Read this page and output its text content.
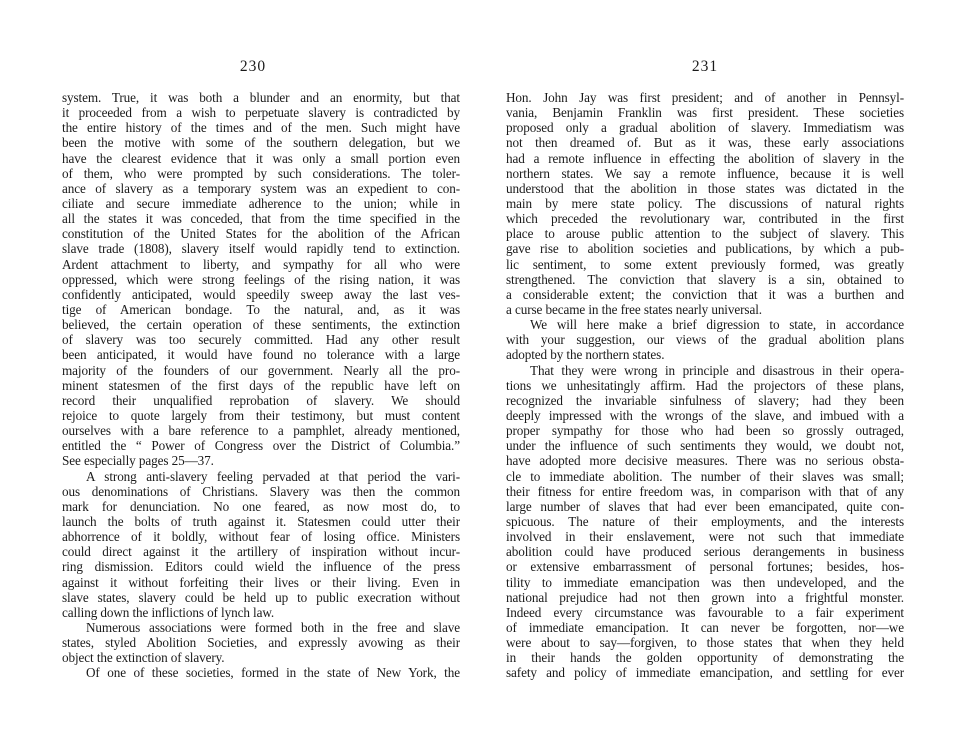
230
system. True, it was both a blunder and an enormity, but that
it proceeded from a wish to perpetuate slavery is contradicted by
the entire history of the times and of the men. Such might have
been the motive with some of the southern delegation, but we
have the clearest evidence that it was only a small portion even
of them, who were prompted by such considerations. The toler-
ance of slavery as a temporary system was an expedient to con-
ciliate and secure immediate adherence to the union; while in
all the states it was conceded, that from the time specified in the
constitution of the United States for the abolition of the African
slave trade (1808), slavery itself would rapidly tend to extinction.
Ardent attachment to liberty, and sympathy for all who were
oppressed, which were strong feelings of the rising nation, it was
confidently anticipated, would speedily sweep away the last ves-
tige of American bondage. To the natural, and, as it was
believed, the certain operation of these sentiments, the extinction
of slavery was too securely committed. Had any other result
been anticipated, it would have found no tolerance with a large
majority of the founders of our government. Nearly all the pro-
minent statesmen of the first days of the republic have left on
record their unqualified reprobation of slavery. We should
rejoice to quote largely from their testimony, but must content
ourselves with a bare reference to a pamphlet, already mentioned,
entitled the “ Power of Congress over the District of Columbia.”
See especially pages 25—37.
A strong anti-slavery feeling pervaded at that period the vari-
ous denominations of Christians. Slavery was then the common
mark for denunciation. No one feared, as now most do, to
launch the bolts of truth against it. Statesmen could utter their
abhorrence of it boldly, without fear of losing office. Ministers
could direct against it the artillery of inspiration without incur-
ring dismission. Editors could wield the influence of the press
against it without forfeiting their lives or their living. Even in
slave states, slavery could be held up to public execration without
calling down the inflictions of lynch law.
Numerous associations were formed both in the free and slave
states, styled Abolition Societies, and expressly avowing as their
object the extinction of slavery.
Of one of these societies, formed in the state of New York, the
231
Hon. John Jay was first president; and of another in Pennsyl-
vania, Benjamin Franklin was first president. These societies
proposed only a gradual abolition of slavery. Immediatism was
not then dreamed of. But as it was, these early associations
had a remote influence in effecting the abolition of slavery in the
northern states. We say a remote influence, because it is well
understood that the abolition in those states was dictated in the
main by mere state policy. The discussions of natural rights
which preceded the revolutionary war, contributed in the first
place to arouse public attention to the subject of slavery. This
gave rise to abolition societies and publications, by which a pub-
lic sentiment, to some extent previously formed, was greatly
strengthened. The conviction that slavery is a sin, obtained to
a considerable extent; the conviction that it was a burthen and
a curse became in the free states nearly universal.
We will here make a brief digression to state, in accordance
with your suggestion, our views of the gradual abolition plans
adopted by the northern states.
That they were wrong in principle and disastrous in their opera-
tions we unhesitatingly affirm. Had the projectors of these plans,
recognized the invariable sinfulness of slavery; had they been
deeply impressed with the wrongs of the slave, and imbued with a
proper sympathy for those who had been so grossly outraged,
under the influence of such sentiments they would, we doubt not,
have adopted more decisive measures. There was no serious obsta-
cle to immediate abolition. The number of their slaves was small;
their fitness for entire freedom was, in comparison with that of any
large number of slaves that had ever been emancipated, quite con-
spicuous. The nature of their employments, and the interests
involved in their enslavement, were not such that immediate
abolition could have produced serious derangements in business
or extensive embarrassment of personal fortunes; besides, hos-
tility to immediate emancipation was then undeveloped, and the
national prejudice had not then grown into a frightful monster.
Indeed every circumstance was favourable to a fair experiment
of immediate emancipation. It can never be forgotten, nor—we
were about to say—forgiven, to those states that when they held
in their hands the golden opportunity of demonstrating the
safety and policy of immediate emancipation, and settling for ever
